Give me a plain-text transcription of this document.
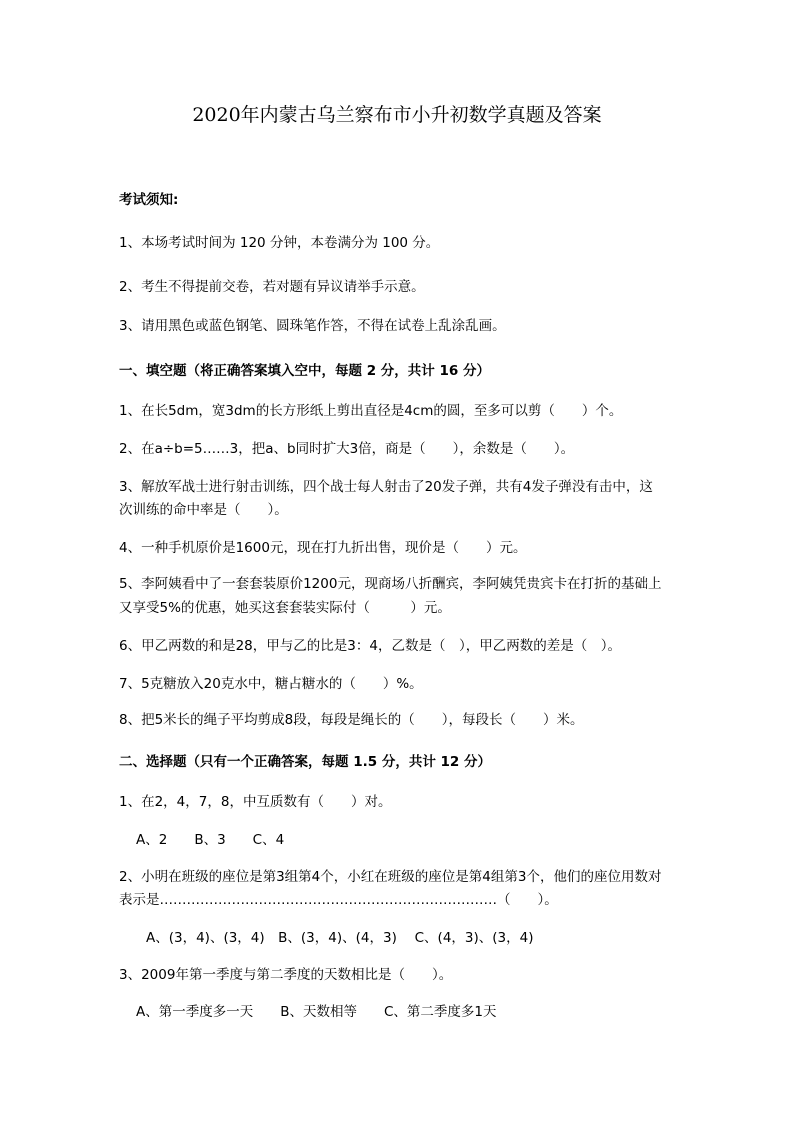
2020年内蒙古乌兰察布市小升初数学真题及答案
考试须知:
1、本场考试时间为 120 分钟，本卷满分为 100 分。
2、考生不得提前交卷，若对题有异议请举手示意。
3、请用黑色或蓝色钢笔、圆珠笔作答，不得在试卷上乱涂乱画。
一、填空题（将正确答案填入空中，每题 2 分，共计 16 分）
1、在长5dm，宽3dm的长方形纸上剪出直径是4cm的圆，至多可以剪（　　）个。
2、在a÷b=5……3，把a、b同时扩大3倍，商是（　　），余数是（　　）。
3、解放军战士进行射击训练，四个战士每人射击了20发子弹，共有4发子弹没有击中，这
次训练的命中率是（　　）。
4、一种手机原价是1600元，现在打九折出售，现价是（　　）元。
5、李阿姨看中了一套套装原价1200元，现商场八折酬宾，李阿姨凭贵宾卡在打折的基础上
又享受5%的优惠，她买这套套装实际付（　　　）元。
6、甲乙两数的和是28，甲与乙的比是3：4，乙数是（　），甲乙两数的差是（　）。
7、5克糖放入20克水中，糖占糖水的（　　）%。
8、把5米长的绳子平均剪成8段，每段是绳长的（　　），每段长（　　）米。
二、选择题（只有一个正确答案，每题 1.5 分，共计 12 分）
1、在2，4，7，8，中互质数有（　　）对。
A、2　　B、3　　C、4
2、小明在班级的座位是第3组第4个，小红在班级的座位是第4组第3个，他们的座位用数对
表示是…………………………………………………………………（　　）。
A、(3，4)、(3，4)　B、(3，4)、(4，3)　 C、(4，3)、(3，4)
3、2009年第一季度与第二季度的天数相比是（　　）。
A、第一季度多一天　　B、天数相等　　C、第二季度多1天
